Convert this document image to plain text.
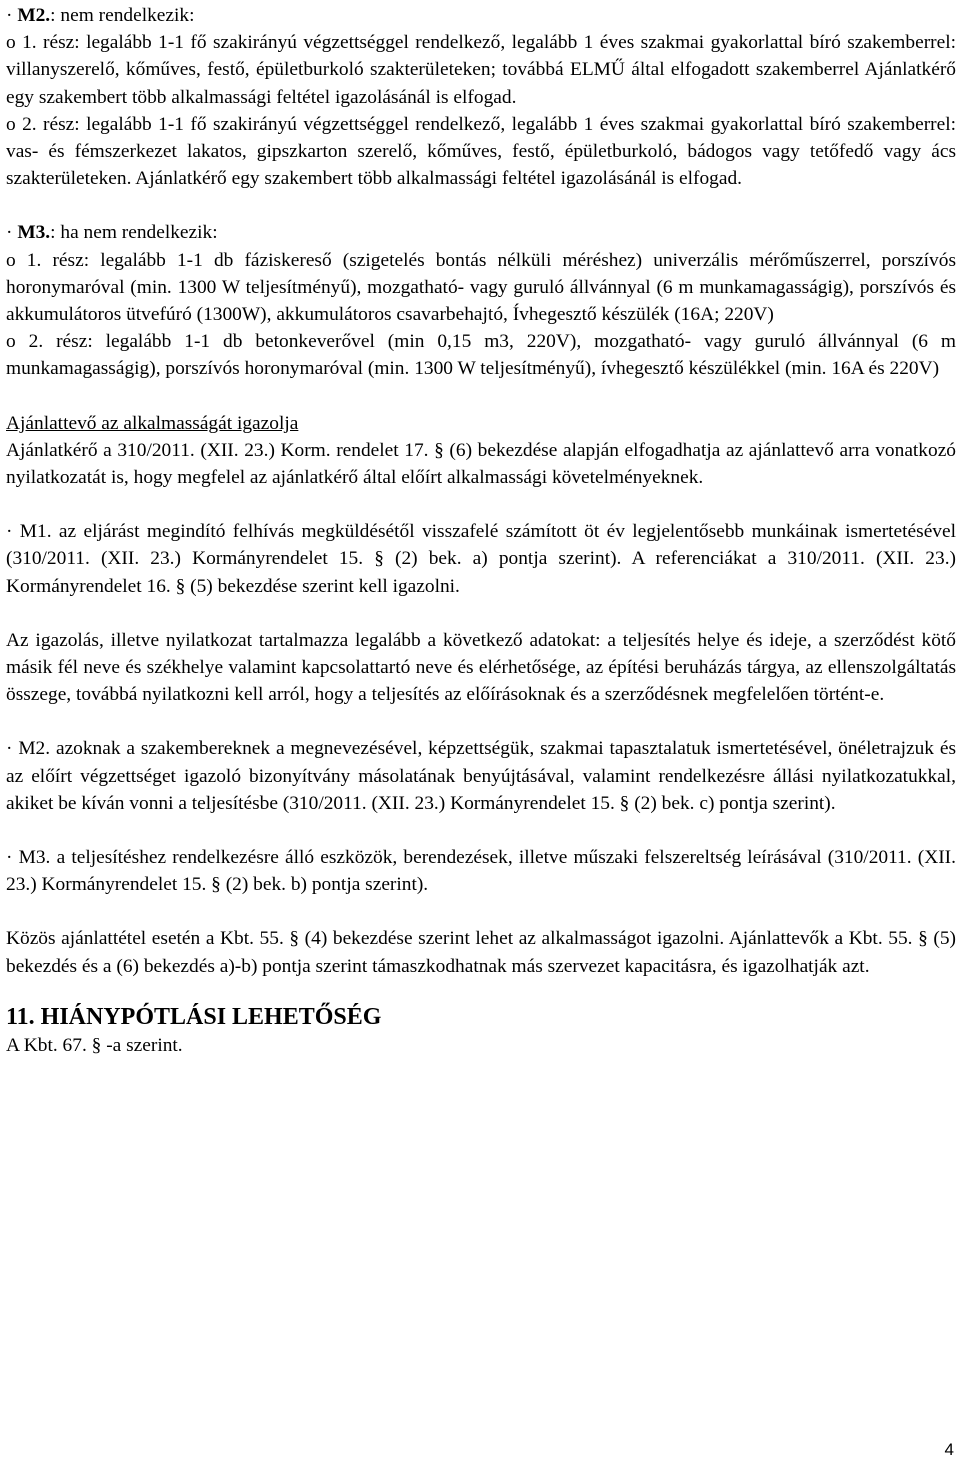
· M2.: nem rendelkezik:

o 1. rész: legalább 1-1 fő szakirányú végzettséggel rendelkező, legalább 1 éves szakmai gyakorlattal bíró szakemberrel: villanyszerelő, kőműves, festő, épületburkoló szakterületeken; továbbá ELMŰ által elfogadott szakemberrel Ajánlatkérő egy szakembert több alkalmassági feltétel igazolásánál is elfogad.

o 2. rész: legalább 1-1 fő szakirányú végzettséggel rendelkező, legalább 1 éves szakmai gyakorlattal bíró szakemberrel: vas- és fémszerkezet lakatos, gipszkarton szerelő, kőműves, festő, épületburkoló, bádogos vagy tetőfedő vagy ács szakterületeken. Ajánlatkérő egy szakembert több alkalmassági feltétel igazolásánál is elfogad.

· M3.: ha nem rendelkezik:

o 1. rész: legalább 1-1 db fáziskereső (szigetelés bontás nélküli méréshez) univerzális mérőműszerrel, porszívós horonymaróval (min. 1300 W teljesítményű), mozgatható- vagy guruló állvánnyal (6 m munkamagasságig), porszívós és akkumulátoros ütvefúró (1300W), akkumulátoros csavarbehajtó, Ívhegesztő készülék (16A; 220V)

o 2. rész: legalább 1-1 db betonkeverővel (min 0,15 m3, 220V), mozgatható- vagy guruló állvánnyal (6 m munkamagasságig), porszívós horonymaróval (min. 1300 W teljesítményű), ívhegesztő készülékkel (min. 16A és 220V)

Ajánlattevő az alkalmasságát igazolja

Ajánlatkérő a 310/2011. (XII. 23.) Korm. rendelet 17. § (6) bekezdése alapján elfogadhatja az ajánlattevő arra vonatkozó nyilatkozatát is, hogy megfelel az ajánlatkérő által előírt alkalmassági követelményeknek.

· M1. az eljárást megindító felhívás megküldésétől visszafelé számított öt év legjelentősebb munkáinak ismertetésével (310/2011. (XII. 23.) Kormányrendelet 15. § (2) bek. a) pontja szerint). A referenciákat a 310/2011. (XII. 23.) Kormányrendelet 16. § (5) bekezdése szerint kell igazolni.

Az igazolás, illetve nyilatkozat tartalmazza legalább a következő adatokat: a teljesítés helye és ideje, a szerződést kötő másik fél neve és székhelye valamint kapcsolattartó neve és elérhetősége, az építési beruházás tárgya, az ellenszolgáltatás összege, továbbá nyilatkozni kell arról, hogy a teljesítés az előírásoknak és a szerződésnek megfelelően történt-e.

· M2. azoknak a szakembereknek a megnevezésével, képzettségük, szakmai tapasztalatuk ismertetésével, önéletrajzuk és az előírt végzettséget igazoló bizonyítvány másolatának benyújtásával, valamint rendelkezésre állási nyilatkozatukkal, akiket be kíván vonni a teljesítésbe (310/2011. (XII. 23.) Kormányrendelet 15. § (2) bek. c) pontja szerint).

· M3. a teljesítéshez rendelkezésre álló eszközök, berendezések, illetve műszaki felszereltség leírásával (310/2011. (XII. 23.) Kormányrendelet 15. § (2) bek. b) pontja szerint).

Közös ajánlattétel esetén a Kbt. 55. § (4) bekezdése szerint lehet az alkalmasságot igazolni. Ajánlattevők a Kbt. 55. § (5) bekezdés és a (6) bekezdés a)-b) pontja szerint támaszkodhatnak más szervezet kapacitásra, és igazolhatják azt.

11. HIÁNYPÓTLÁSI LEHETŐSÉG

A Kbt. 67. § -a szerint.

4
